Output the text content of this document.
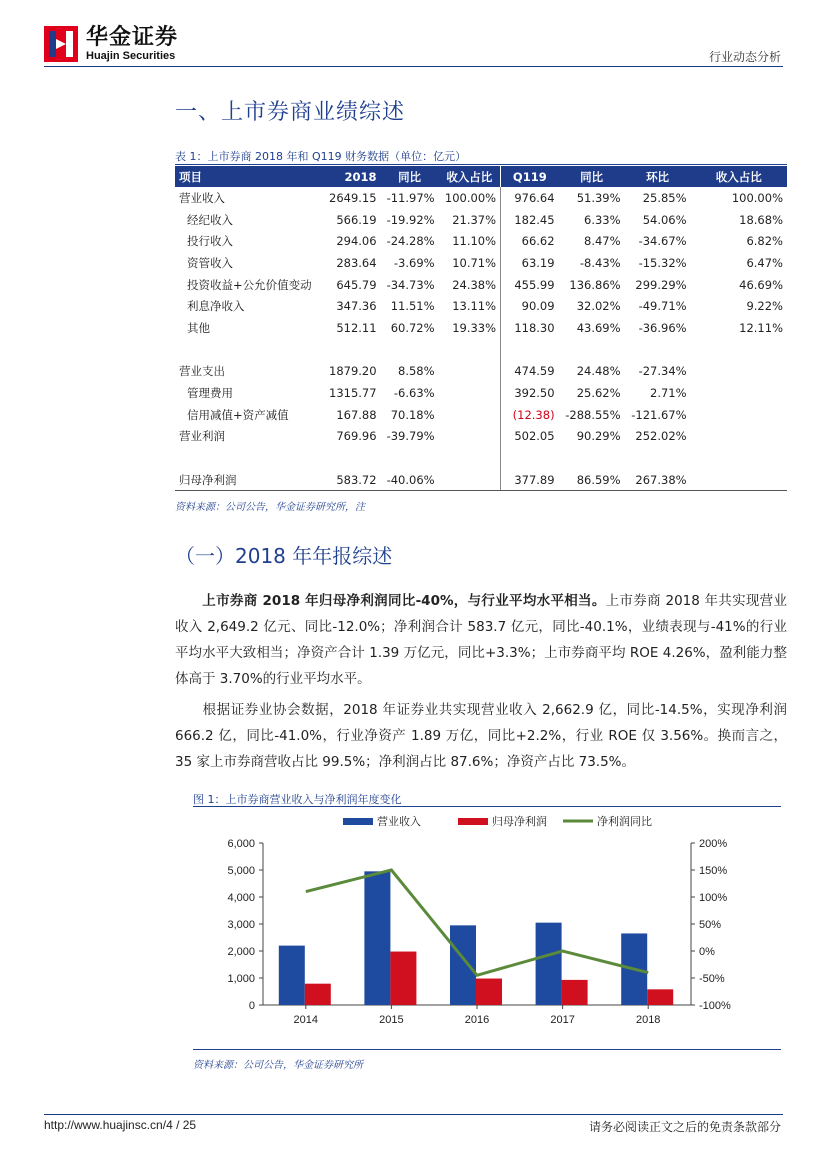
华金证券
Huajin Securities	行业动态分析
一、上市券商业绩综述
表 1：上市券商 2018 年和 Q119 财务数据（单位：亿元）
项目	2018	同比	收入占比	Q119	同比	环比	收入占比
营业收入	2649.15	-11.97%	100.00%	976.64	51.39%	25.85%	100.00%
经纪收入	566.19	-19.92%	21.37%	182.45	6.33%	54.06%	18.68%
投行收入	294.06	-24.28%	11.10%	66.62	8.47%	-34.67%	6.82%
资管收入	283.64	-3.69%	10.71%	63.19	-8.43%	-15.32%	6.47%
投资收益+公允价值变动	645.79	-34.73%	24.38%	455.99	136.86%	299.29%	46.69%
利息净收入	347.36	11.51%	13.11%	90.09	32.02%	-49.71%	9.22%
其他	512.11	60.72%	19.33%	118.30	43.69%	-36.96%	12.11%

营业支出	1879.20	8.58%		474.59	24.48%	-27.34%	
管理费用	1315.77	-6.63%		392.50	25.62%	2.71%	
信用减值+资产减值	167.88	70.18%		(12.38)	-288.55%	-121.67%	
营业利润	769.96	-39.79%		502.05	90.29%	252.02%	

归母净利润	583.72	-40.06%		377.89	86.59%	267.38%	
资料来源：公司公告，华金证券研究所，注
（一）2018 年年报综述
上市券商 2018 年归母净利润同比-40%，与行业平均水平相当。上市券商 2018 年共实现营业收入 2,649.2 亿元、同比-12.0%；净利润合计 583.7 亿元，同比-40.1%，业绩表现与-41%的行业平均水平大致相当；净资产合计 1.39 万亿元，同比+3.3%；上市券商平均 ROE 4.26%，盈利能力整体高于 3.70%的行业平均水平。
根据证券业协会数据，2018 年证券业共实现营业收入 2,662.9 亿，同比-14.5%，实现净利润 666.2 亿，同比-41.0%，行业净资产 1.89 万亿，同比+2.2%，行业 ROE 仅 3.56%。换而言之，35 家上市券商营收占比 99.5%；净利润占比 87.6%；净资产占比 73.5%。
图 1：上市券商营业收入与净利润年度变化
0
1,000
2,000
3,000
4,000
5,000
6,000
-100%
-50%
0%
50%
100%
150%
200%
2014	2015	2016	2017	2018
营业收入	归母净利润	净利润同比
资料来源：公司公告，华金证券研究所
http://www.huajinsc.cn/4 / 25	请务必阅读正文之后的免责条款部分
